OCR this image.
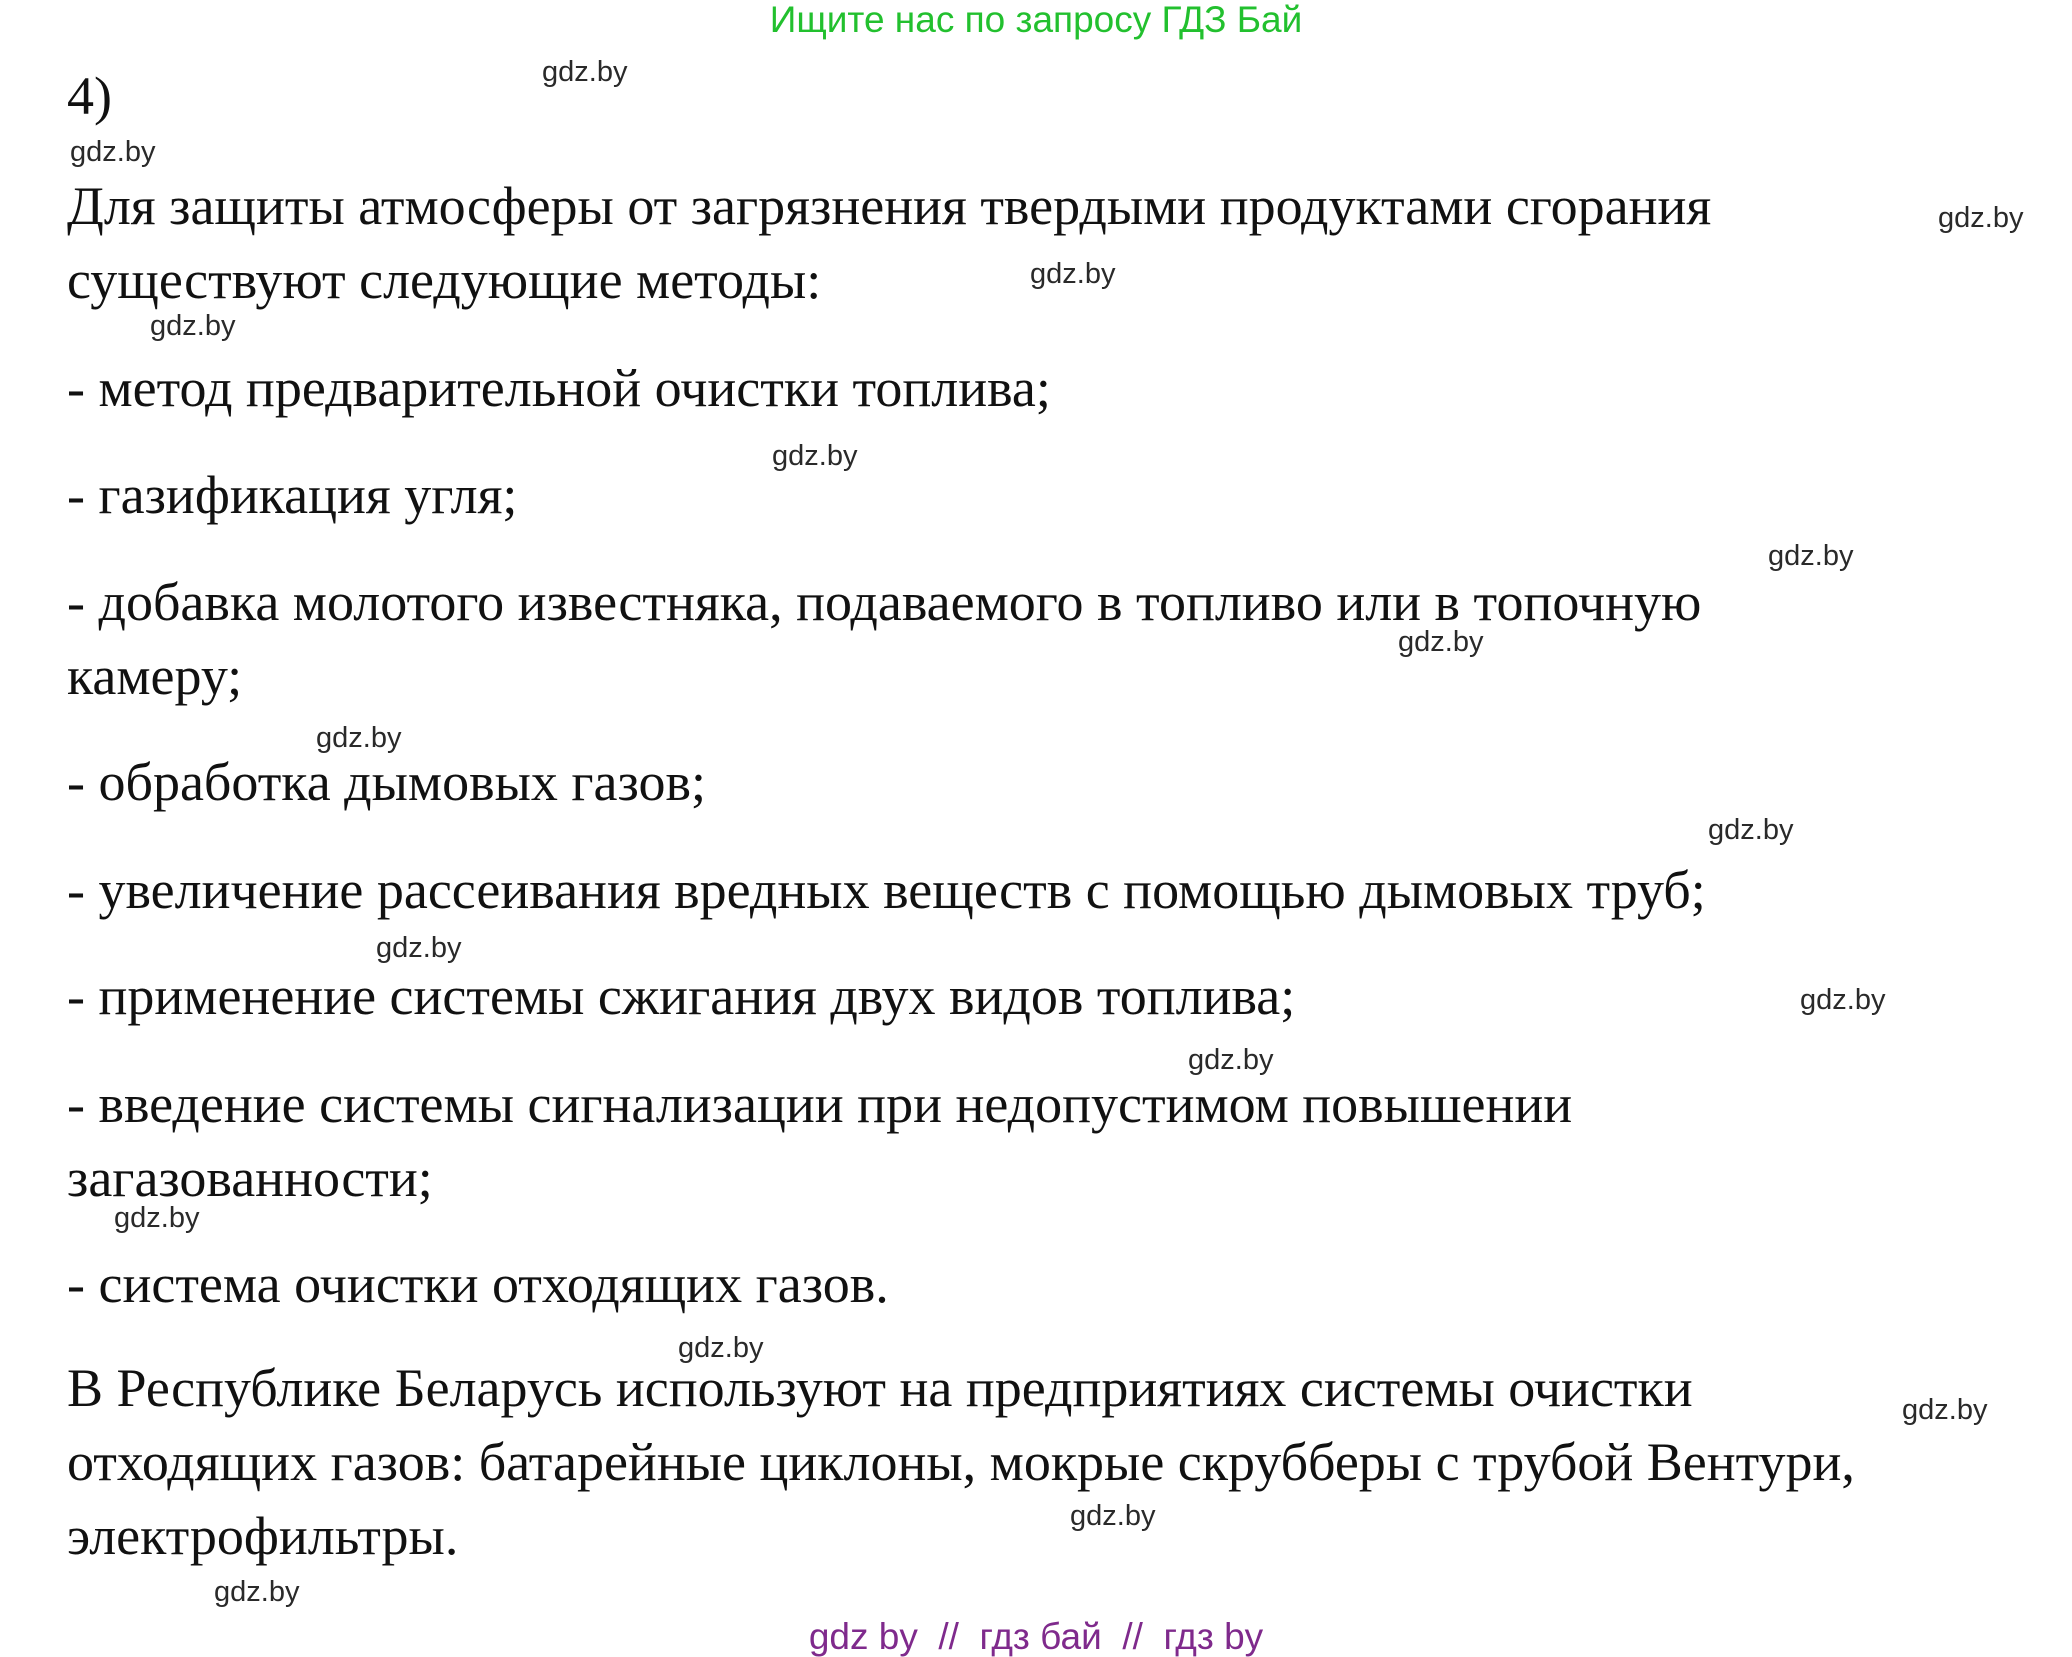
Ищите нас по запросу ГДЗ Бай
4)
Для защиты атмосферы от загрязнения твердыми продуктами сгорания
существуют следующие методы:
- метод предварительной очистки топлива;
- газификация угля;
- добавка молотого известняка, подаваемого в топливо или в топочную
камеру;
- обработка дымовых газов;
- увеличение рассеивания вредных веществ с помощью дымовых труб;
- применение системы сжигания двух видов топлива;
- введение системы сигнализации при недопустимом повышении
загазованности;
- система очистки отходящих газов.
В Республике Беларусь используют на предприятиях системы очистки
отходящих газов: батарейные циклоны, мокрые скрубберы с трубой Вентури,
электрофильтры.
gdz.by
gdz.by
gdz.by
gdz.by
gdz.by
gdz.by
gdz.by
gdz.by
gdz.by
gdz.by
gdz.by
gdz.by
gdz.by
gdz.by
gdz.by
gdz.by
gdz.by
gdz.by
gdz by  //  гдз бай  //  гдз by
